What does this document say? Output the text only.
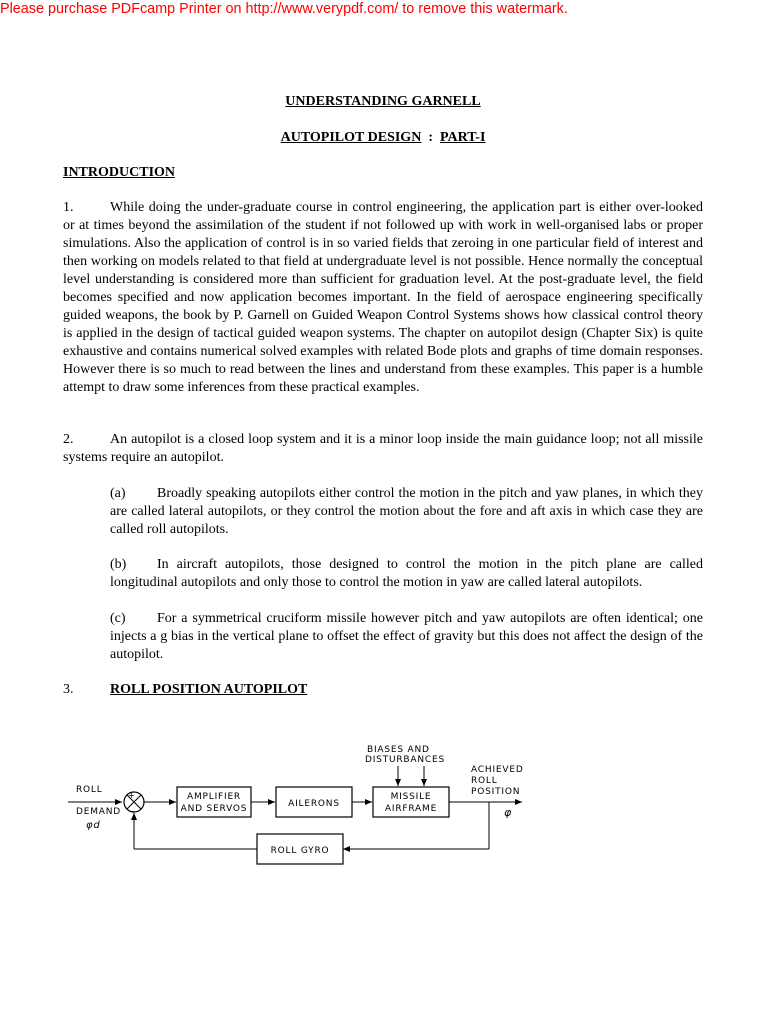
Please purchase PDFcamp Printer on http://www.verypdf.com/ to remove this watermark.
UNDERSTANDING GARNELL
AUTOPILOT DESIGN : PART-I
INTRODUCTION

1.	While doing the under-graduate course in control engineering, the application part is either over-looked or at times beyond the assimilation of the student if not followed up with work in well-organised labs or proper simulations. Also the application of control is in so varied fields that zeroing in one particular field of interest and then working on models related to that field at undergraduate level is not possible. Hence normally the conceptual level understanding is considered more than sufficient for graduation level. At the post-graduate level, the field becomes specified and now application becomes important. In the field of aerospace engineering specifically guided weapons, the book by P. Garnell on Guided Weapon Control Systems shows how classical control theory is applied in the design of tactical guided weapon systems. The chapter on autopilot design (Chapter Six) is quite exhaustive and contains numerical solved examples with related Bode plots and graphs of time domain responses. However there is so much to read between the lines and understand from these examples. This paper is a humble attempt to draw some inferences from these practical examples.

2.	An autopilot is a closed loop system and it is a minor loop inside the main guidance loop; not all missile systems require an autopilot.

(a) Broadly speaking autopilots either control the motion in the pitch and yaw planes, in which they are called lateral autopilots, or they control the motion about the fore and aft axis in which case they are called roll autopilots.

(b) In aircraft autopilots, those designed to control the motion in the pitch plane are called longitudinal autopilots and only those to control the motion in yaw are called lateral autopilots.

(c) For a symmetrical cruciform missile however pitch and yaw autopilots are often identical; one injects a g bias in the vertical plane to offset the effect of gravity but this does not affect the design of the autopilot.

3.	ROLL POSITION AUTOPILOT
ROLL
DEMAND
φd
+
−
AMPLIFIER
AND SERVOS	AILERONS
MISSILE
AIRFRAME
BIASES AND
DISTURBANCES
ACHIEVED
ROLL
POSITION
φ
ROLL GYRO
